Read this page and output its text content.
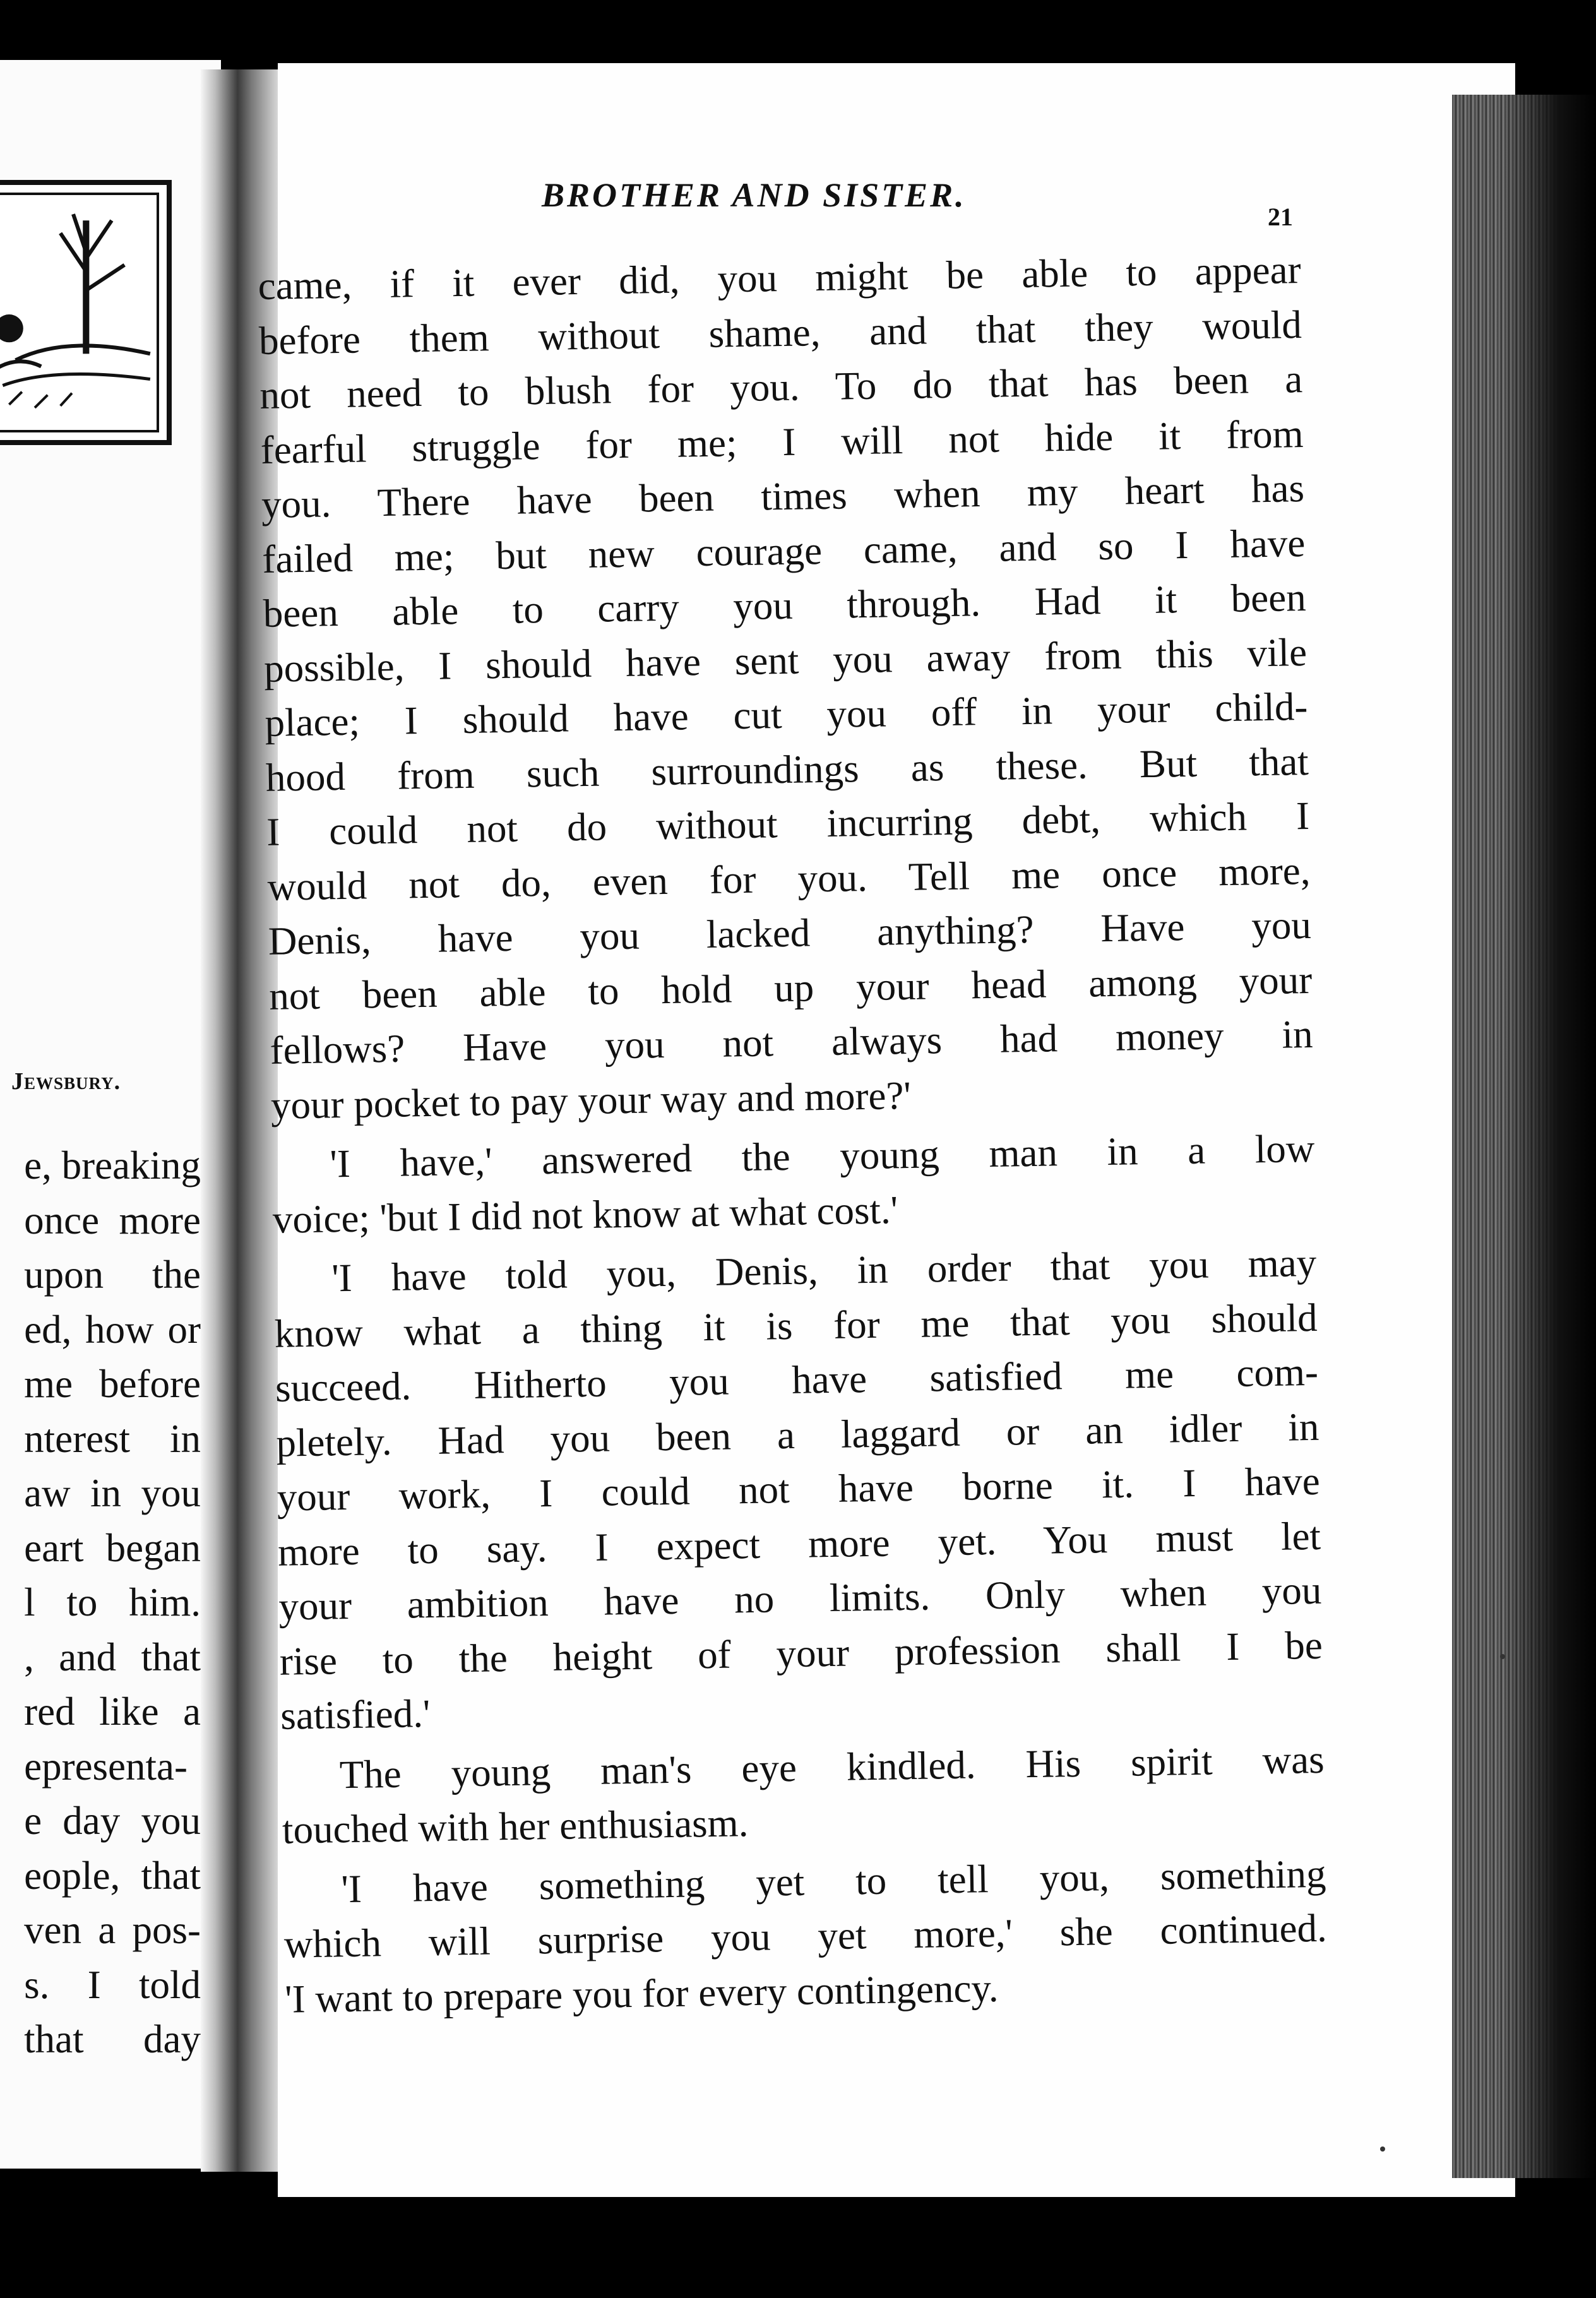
Jewsbury.
e, breaking
once more
upon the
ed, how or
me before
nterest in
aw in you
eart began
l to him.
, and that
red like a
epresenta-
e day you
eople, that
ven a pos-
s. I told
that day
BROTHER AND SISTER.
21
came, if it ever did, you might be able to appear
before them without shame, and that they would
not need to blush for you. To do that has been a
fearful struggle for me; I will not hide it from
you. There have been times when my heart has
failed me; but new courage came, and so I have
been able to carry you through. Had it been
possible, I should have sent you away from this vile
place; I should have cut you off in your child-
hood from such surroundings as these. But that
I could not do without incurring debt, which I
would not do, even for you. Tell me once more,
Denis, have you lacked anything? Have you
not been able to hold up your head among your
fellows? Have you not always had money in
your pocket to pay your way and more?'
'I have,' answered the young man in a low
voice; 'but I did not know at what cost.'
'I have told you, Denis, in order that you may
know what a thing it is for me that you should
succeed. Hitherto you have satisfied me com-
pletely. Had you been a laggard or an idler in
your work, I could not have borne it. I have
more to say. I expect more yet. You must let
your ambition have no limits. Only when you
rise to the height of your profession shall I be
satisfied.'
The young man's eye kindled. His spirit was
touched with her enthusiasm.
'I have something yet to tell you, something
which will surprise you yet more,' she continued.
'I want to prepare you for every contingency.
